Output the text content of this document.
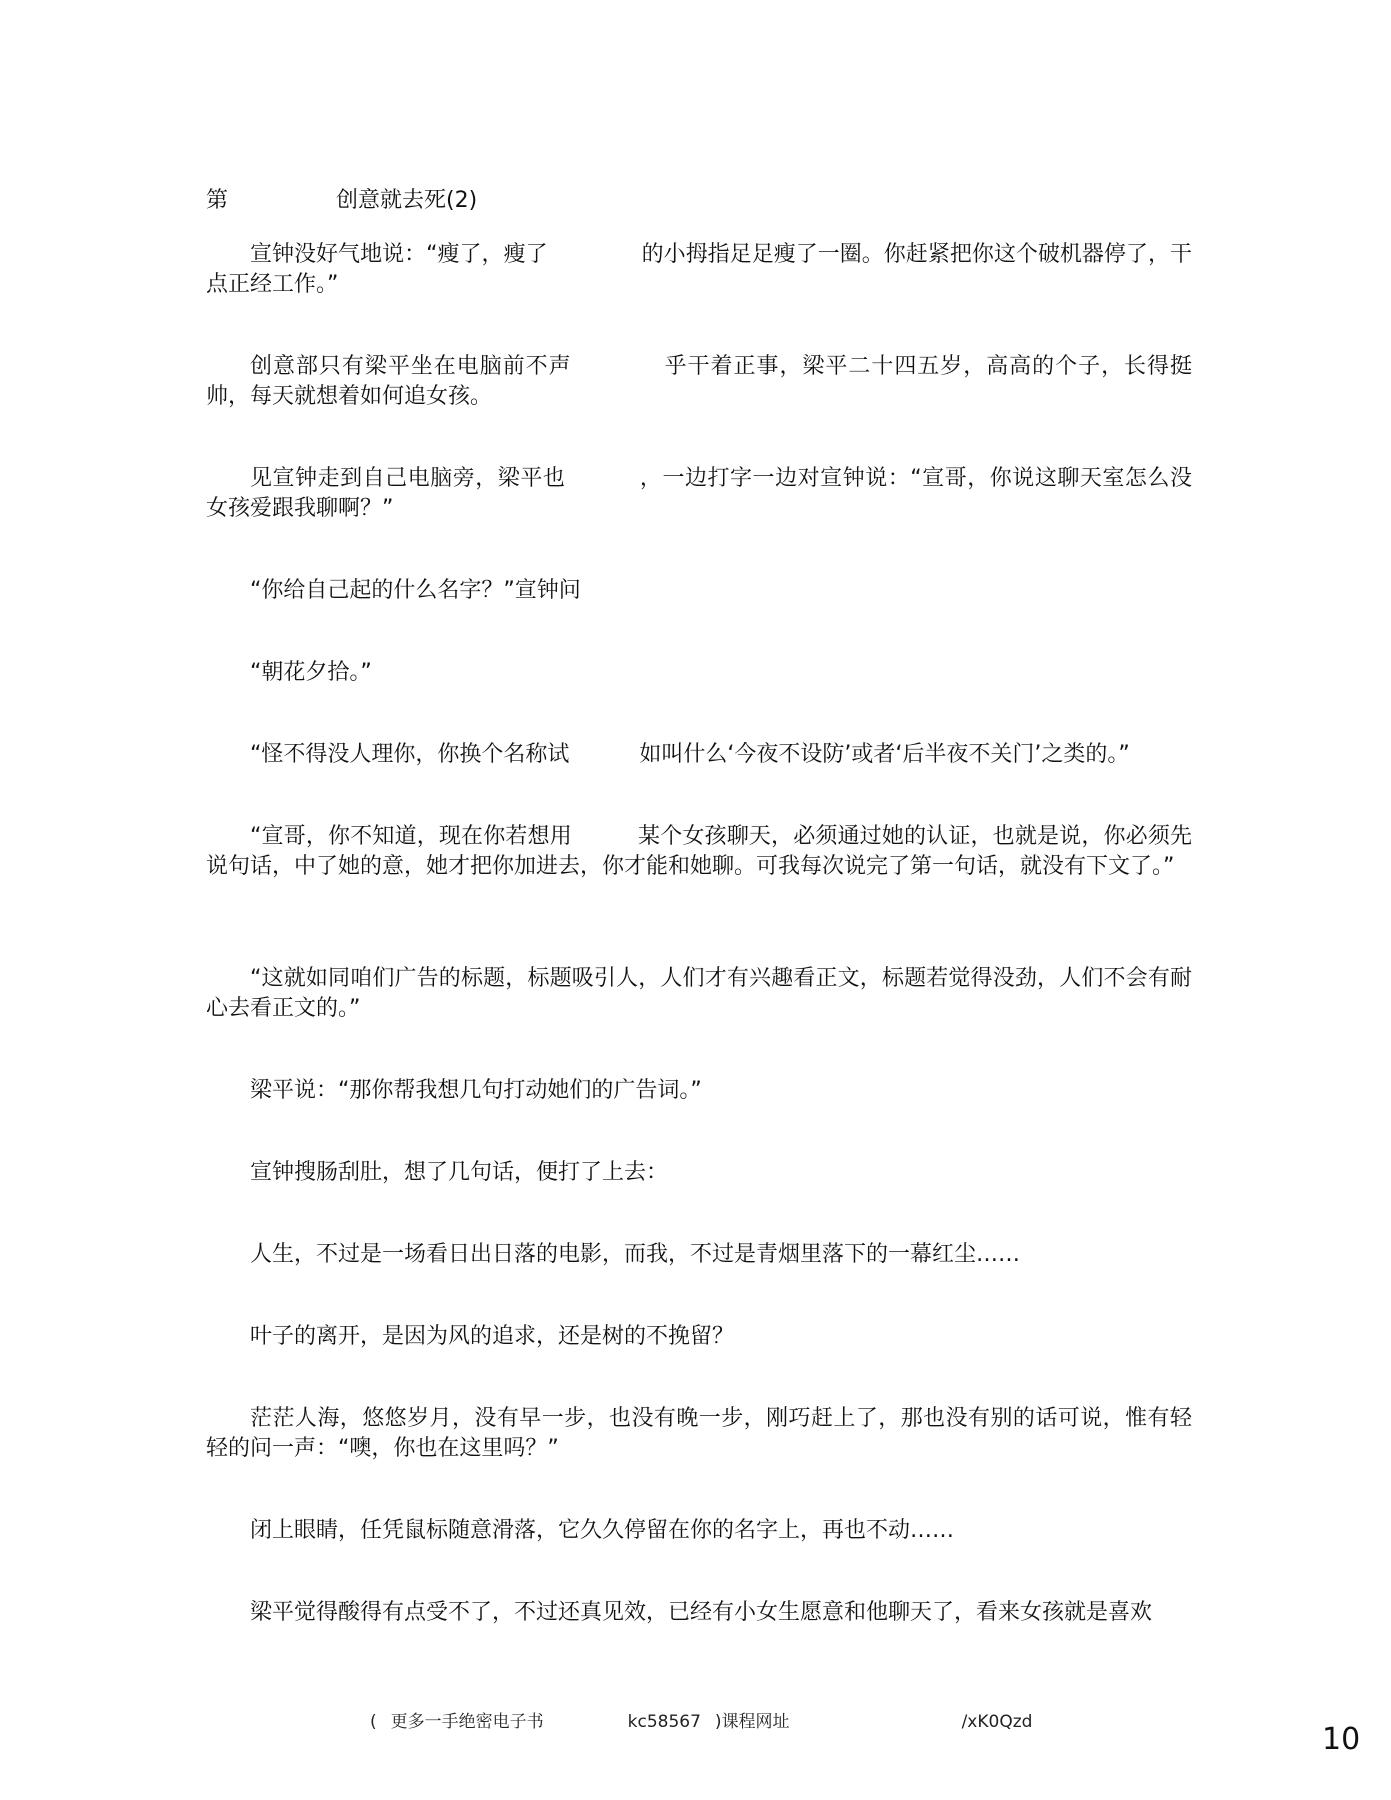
第	创意就去死(2)

宣钟没好气地说：“瘦了，瘦了	的小拇指足足瘦了一圈。你赶紧把你这个破机器停了，干点正经工作。”

创意部只有梁平坐在电脑前不声	乎干着正事，梁平二十四五岁，高高的个子，长得挺帅，每天就想着如何追女孩。

见宣钟走到自己电脑旁，梁平也	，一边打字一边对宣钟说：“宣哥，你说这聊天室怎么没女孩爱跟我聊啊？”

“你给自己起的什么名字？”宣钟问

“朝花夕拾。”

“怪不得没人理你，你换个名称试	如叫什么‘今夜不设防’或者‘后半夜不关门’之类的。”

“宣哥，你不知道，现在你若想用	某个女孩聊天，必须通过她的认证，也就是说，你必须先说句话，中了她的意，她才把你加进去，你才能和她聊。可我每次说完了第一句话，就没有下文了。”

“这就如同咱们广告的标题，标题吸引人，人们才有兴趣看正文，标题若觉得没劲，人们不会有耐心去看正文的。”

梁平说：“那你帮我想几句打动她们的广告词。”

宣钟搜肠刮肚，想了几句话，便打了上去：

人生，不过是一场看日出日落的电影，而我，不过是青烟里落下的一幕红尘……

叶子的离开，是因为风的追求，还是树的不挽留？

茫茫人海，悠悠岁月，没有早一步，也没有晚一步，刚巧赶上了，那也没有别的话可说，惟有轻轻的问一声：“噢，你也在这里吗？”

闭上眼睛，任凭鼠标随意滑落，它久久停留在你的名字上，再也不动……

梁平觉得酸得有点受不了，不过还真见效，已经有小女生愿意和他聊天了，看来女孩就是喜欢

( 更多一手绝密电子书	kc58567 )课程网址	/xK0Qzd	10
